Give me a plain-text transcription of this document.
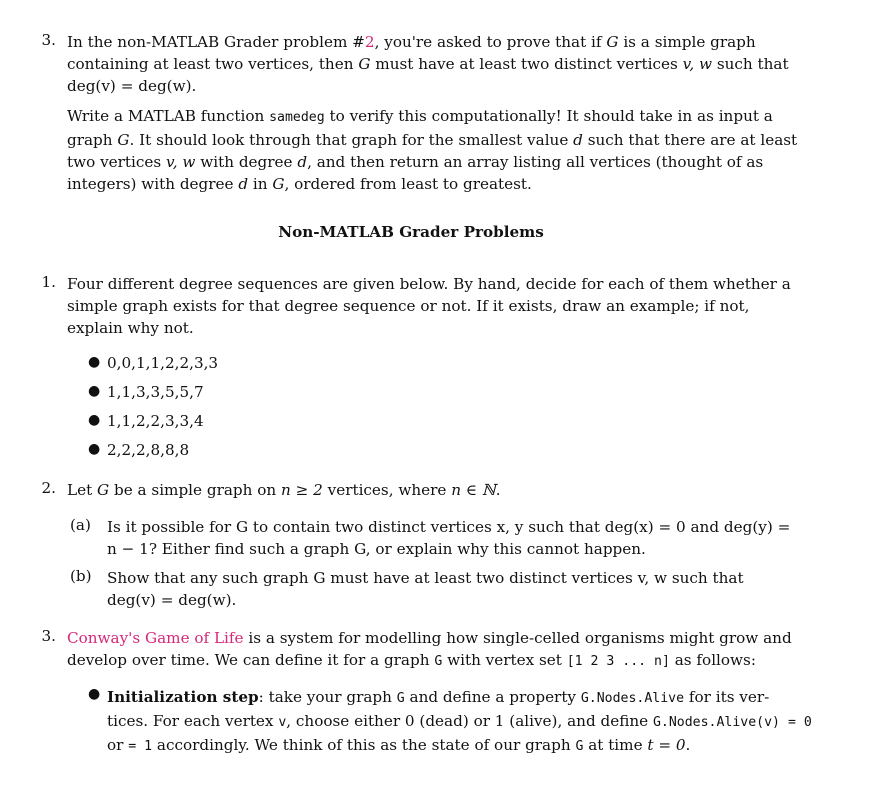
3. In the non-MATLAB Grader problem #2, you're asked to prove that if G is a simple graph containing at least two vertices, then G must have at least two distinct vertices v, w such that deg(v) = deg(w).
Write a MATLAB function samedeg to verify this computationally! It should take in as input a graph G. It should look through that graph for the smallest value d such that there are at least two vertices v, w with degree d, and then return an array listing all vertices (thought of as integers) with degree d in G, ordered from least to greatest.
Non-MATLAB Grader Problems
1. Four different degree sequences are given below. By hand, decide for each of them whether a simple graph exists for that degree sequence or not. If it exists, draw an example; if not, explain why not.
● 0,0,1,1,2,2,3,3
● 1,1,3,3,5,5,7
● 1,1,2,2,3,3,4
● 2,2,2,8,8,8
2. Let G be a simple graph on n ≥ 2 vertices, where n ∈ ℕ.
(a) Is it possible for G to contain two distinct vertices x, y such that deg(x) = 0 and deg(y) =
n − 1? Either find such a graph G, or explain why this cannot happen.
(b) Show that any such graph G must have at least two distinct vertices v, w such that
deg(v) = deg(w).
3. Conway's Game of Life is a system for modelling how single-celled organisms might grow and
develop over time. We can define it for a graph G with vertex set [1 2 3 ... n] as follows:
● Initialization step: take your graph G and define a property G.Nodes.Alive for its ver-
tices. For each vertex v, choose either 0 (dead) or 1 (alive), and define G.Nodes.Alive(v) = 0
or = 1 accordingly. We think of this as the state of our graph G at time t = 0.
